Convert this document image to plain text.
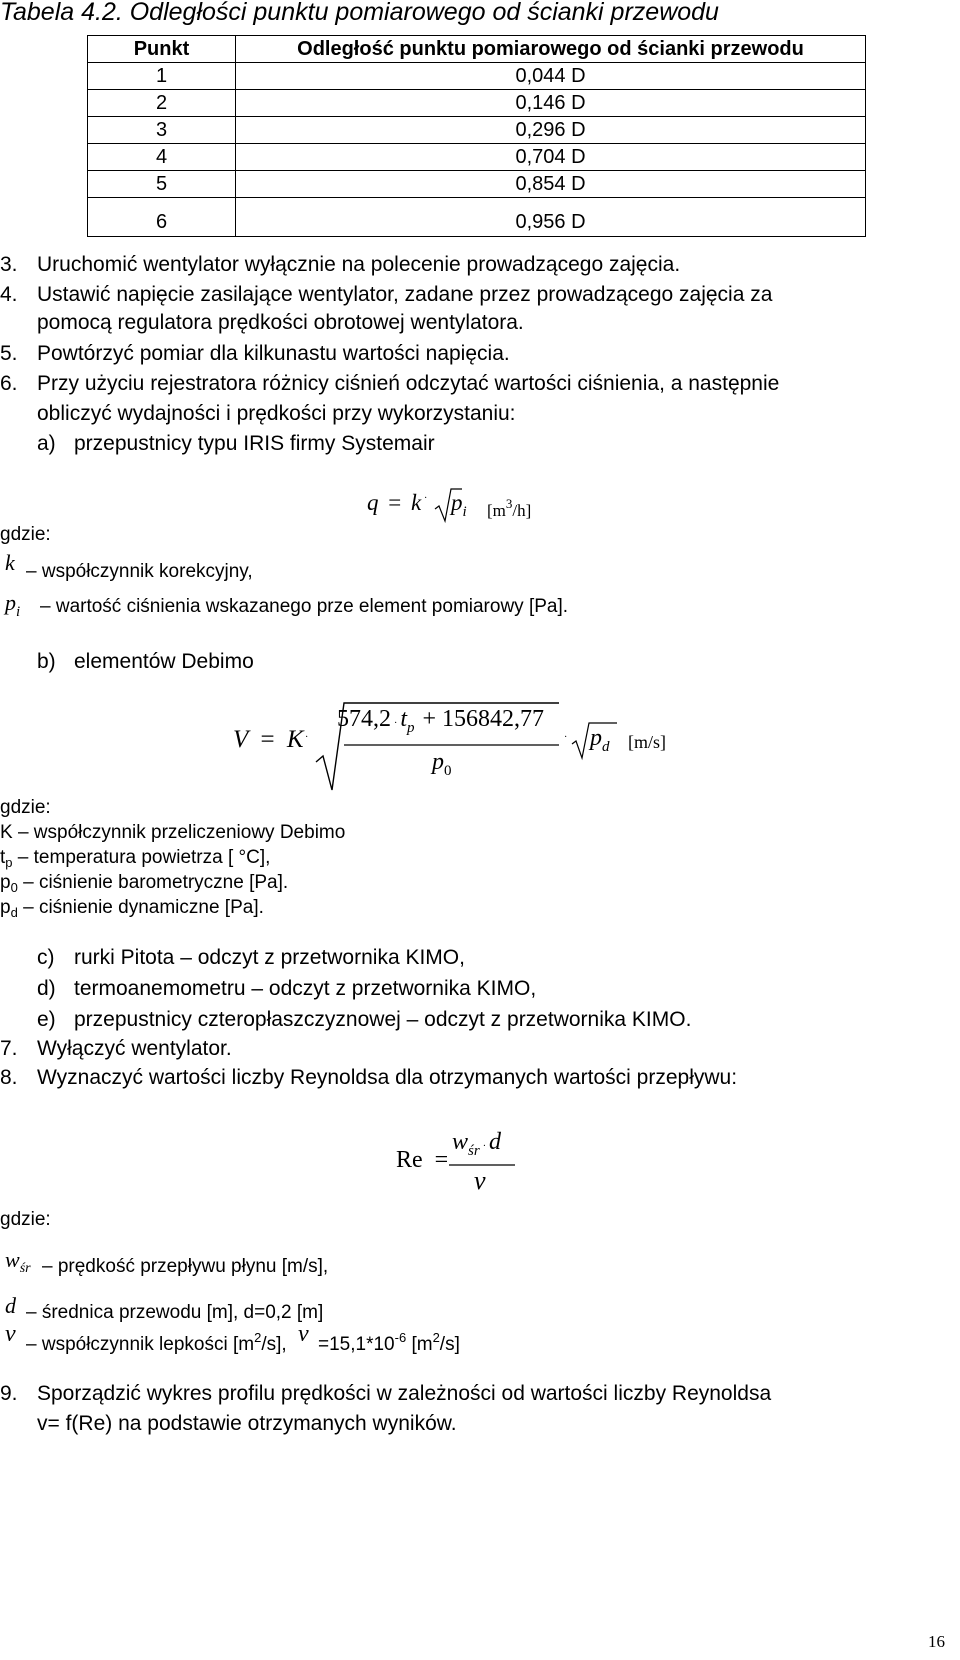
Tabela 4.2. Odległości punktu pomiarowego od ścianki przewodu
Punkt	Odległość punktu pomiarowego od ścianki przewodu
1	0,044 D
2	0,146 D
3	0,296 D
4	0,704 D
5	0,854 D
6	0,956 D
3. Uruchomić wentylator wyłącznie na polecenie prowadzącego zajęcia.
4. Ustawić napięcie zasilające wentylator, zadane przez prowadzącego zajęcia za
pomocą regulatora prędkości obrotowej wentylatora.
5. Powtórzyć pomiar dla kilkunastu wartości napięcia.
6. Przy użyciu rejestratora różnicy ciśnień odczytać wartości ciśnienia, a następnie
obliczyć wydajności i prędkości przy wykorzystaniu:
a) przepustnicy typu IRIS firmy Systemair
$q = k \cdot p_i$ $[m^3/h]$
gdzie:
k – współczynnik korekcyjny,
$p_i$ – wartość ciśnienia wskazanego prze element pomiarowy [Pa].
b) elementów Debimo
V = K ·
$574,2 \cdot t_p + 156842,77$
$p_0$
· $p_d$ [m/s]
gdzie:
K – współczynnik przeliczeniowy Debimo
$t_p$ – temperatura powietrza [ °C],
$p_0$ – ciśnienie barometryczne [Pa].
$p_d$ – ciśnienie dynamiczne [Pa].
c) rurki Pitota – odczyt z przetwornika KIMO,
d) termoanemometru – odczyt z przetwornika KIMO,
e) przepustnicy czteropłaszczyznowej – odczyt z przetwornika KIMO.
7. Wyłączyć wentylator.
8. Wyznaczyć wartości liczby Reynoldsa dla otrzymanych wartości przepływu:
Re =
$w_{śr} \cdot d$
ν
gdzie:
$w_{śr}$ – prędkość przepływu płynu [m/s],
d – średnica przewodu [m], d=0,2 [m]
ν – współczynnik lepkości $[m^2/s]$, $\nu =15,1*10^{-6}$ $[m^2/s]$
9. Sporządzić wykres profilu prędkości w zależności od wartości liczby Reynoldsa
v= f(Re) na podstawie otrzymanych wyników.
16
